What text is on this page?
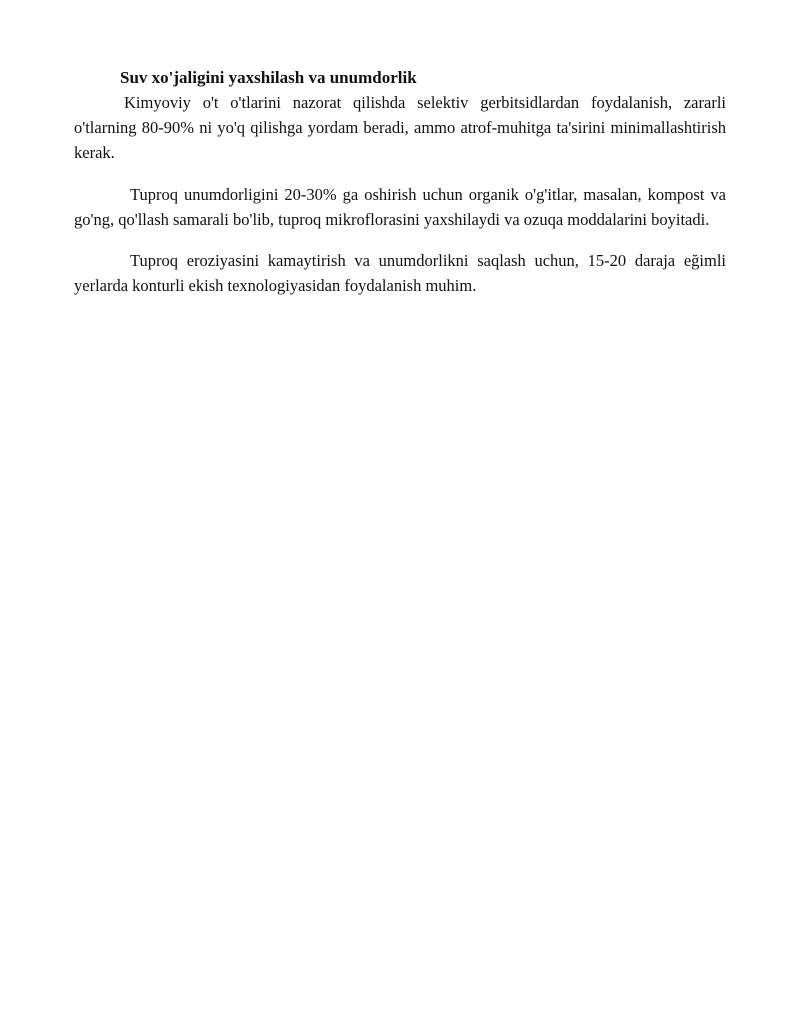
Suv xo'jaligini yaxshilash va unumdorlik

Kimyoviy o't o'tlarini nazorat qilishda selektiv gerbitsidlardan foydalanish, zararli o'tlarning 80-90% ni yo'q qilishga yordam beradi, ammo atrof-muhitga ta'sirini minimallashtirish kerak.

Tuproq unumdorligini 20-30% ga oshirish uchun organik o'g'itlar, masalan, kompost va go'ng, qo'llash samarali bo'lib, tuproq mikroflorasini yaxshilaydi va ozuqa moddalarini boyitadi.

Tuproq eroziyasini kamaytirish va unumdorlikni saqlash uchun, 15-20 daraja eğimli yerlarda konturli ekish texnologiyasidan foydalanish muhim.
